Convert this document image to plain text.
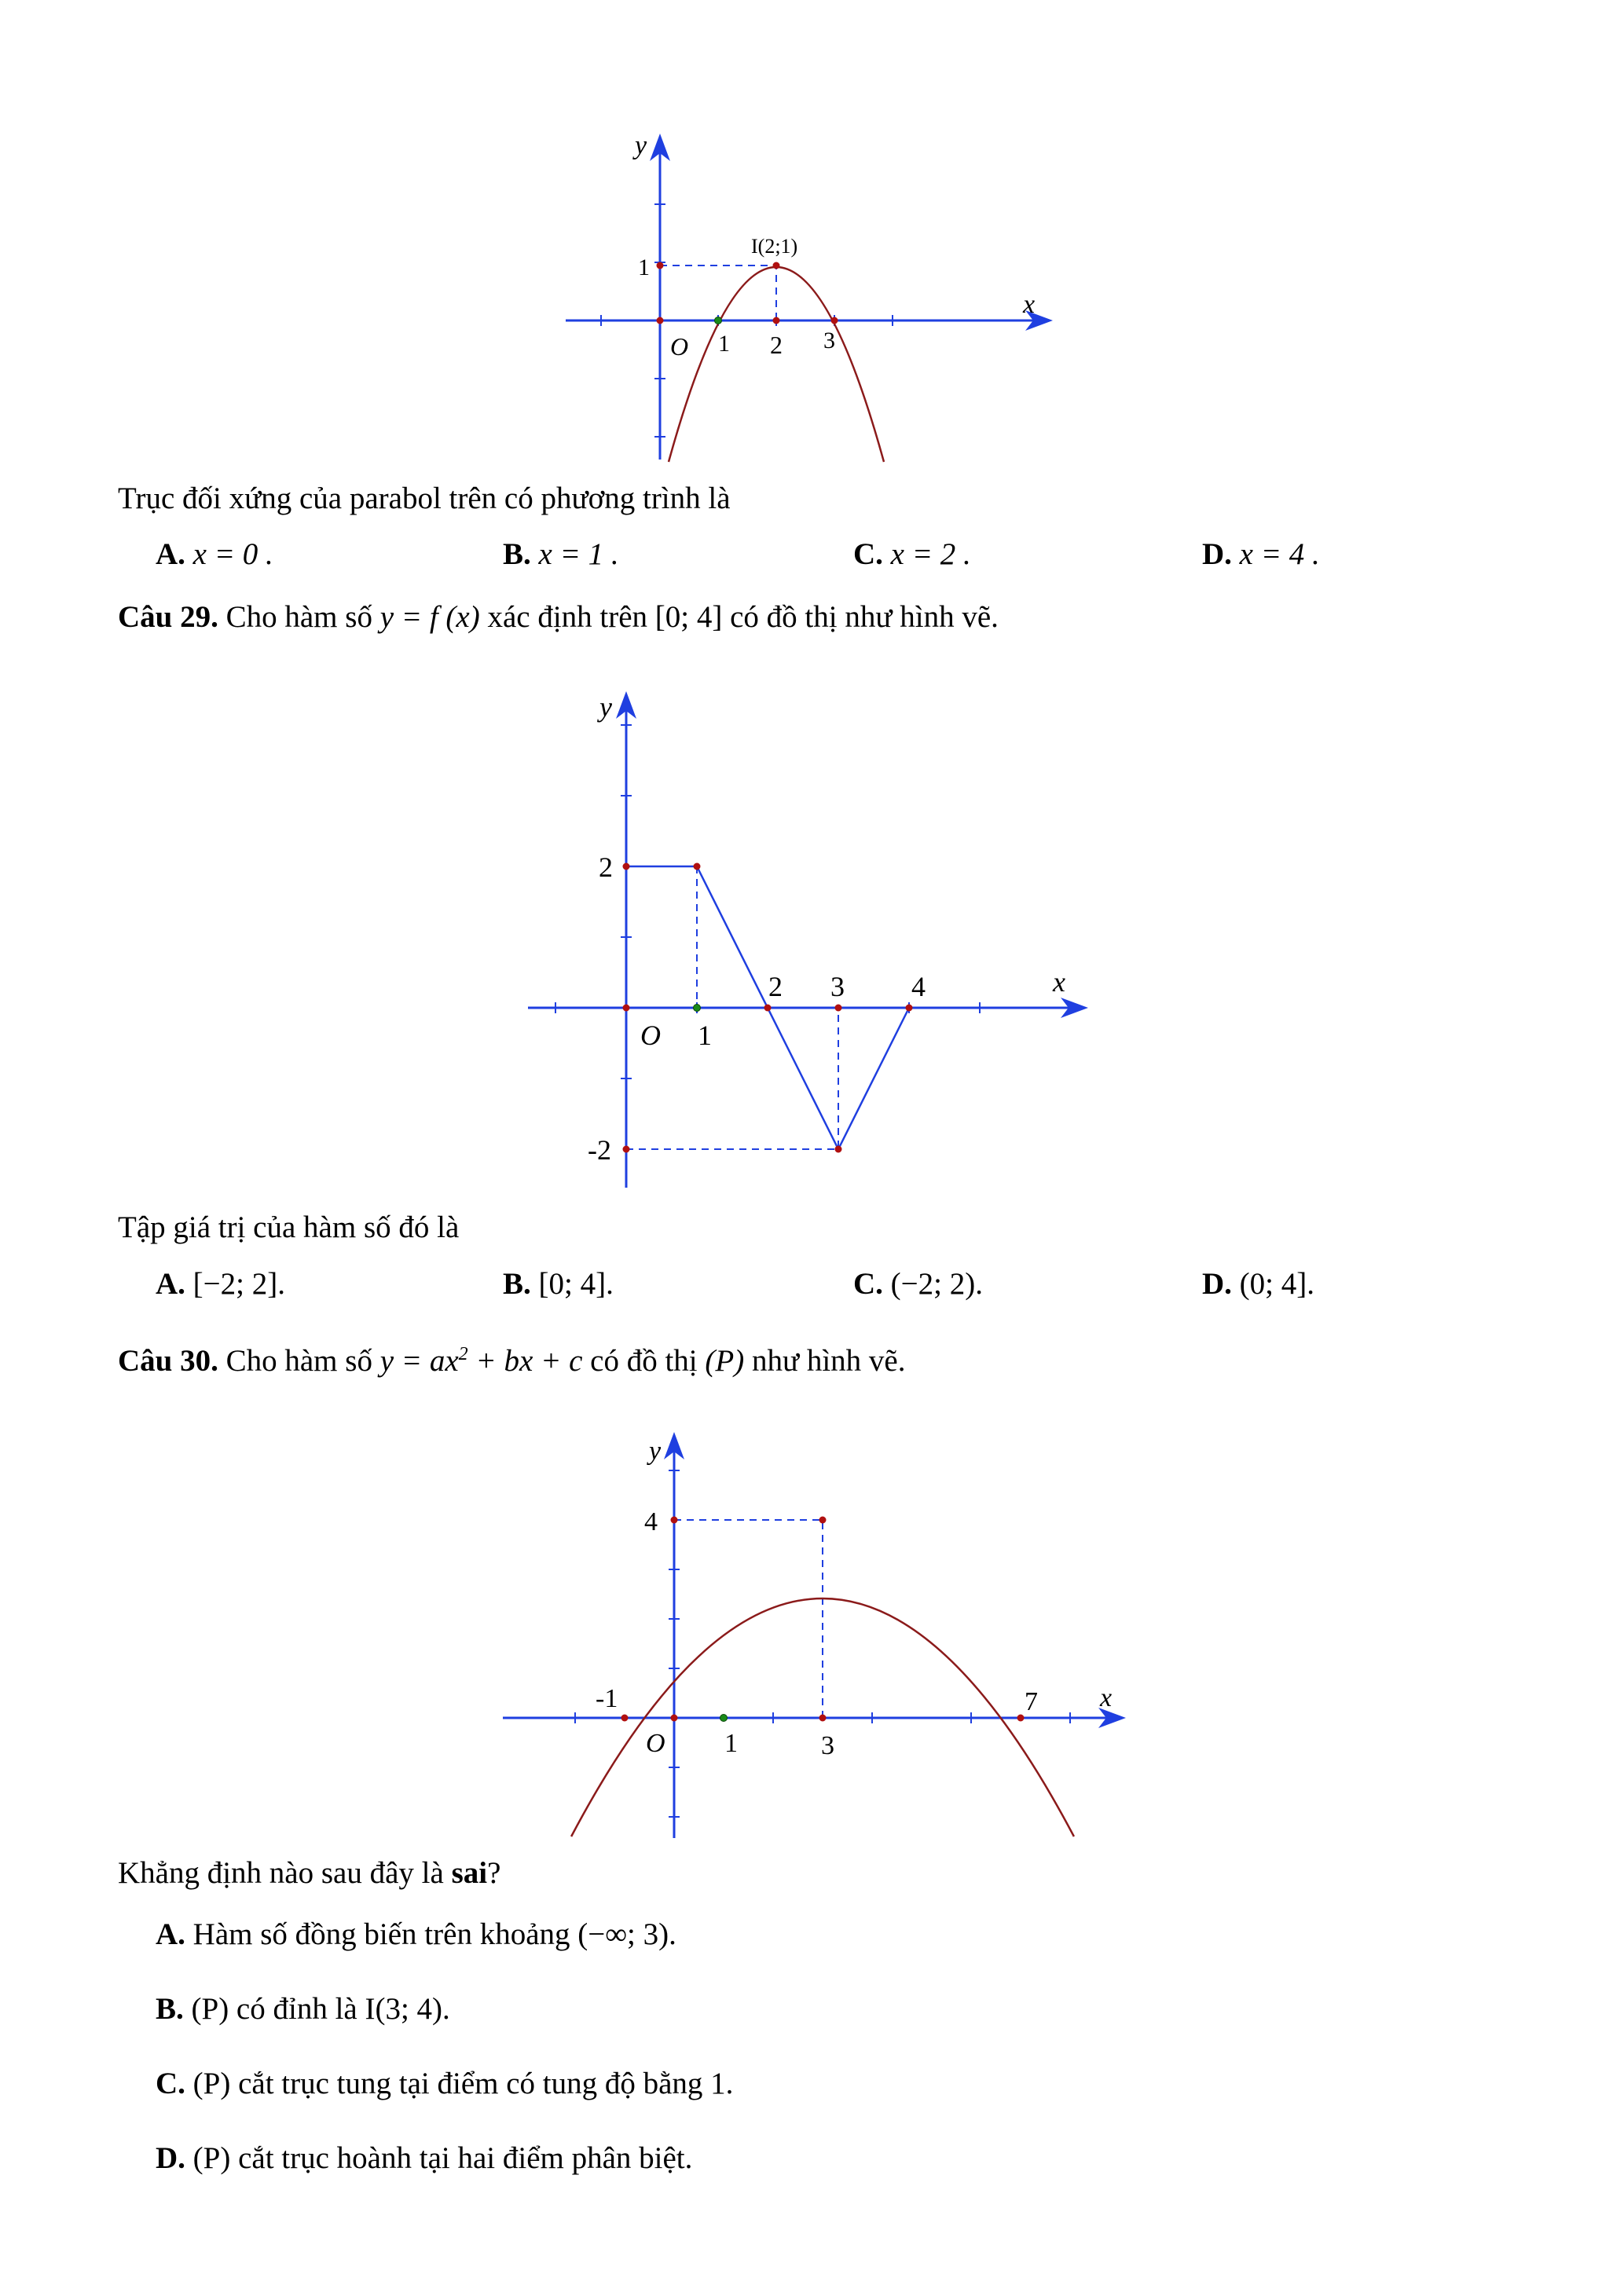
y
x
O
1
1 2 3
I(2;1)
Trục đối xứng của parabol trên có phương trình là
A. x = 0 .	B. x = 1 .	C. x = 2 .	D. x = 4 .
Câu 29. Cho hàm số y = f (x) xác định trên [0; 4] có đồ thị như hình vẽ.
y
x
O
2
-2
1
2 3 4
Tập giá trị của hàm số đó là
A. [−2; 2].	B. [0; 4].	C. (−2; 2).	D. (0; 4].
Câu 30. Cho hàm số $y = ax^2$ + bx + c có đồ thị (P) như hình vẽ.
y
x
O
4
-1
1	3
7
Khẳng định nào sau đây là sai?
A. Hàm số đồng biến trên khoảng (−∞; 3).
B. (P) có đỉnh là I(3; 4).
C. (P) cắt trục tung tại điểm có tung độ bằng 1.
D. (P) cắt trục hoành tại hai điểm phân biệt.
